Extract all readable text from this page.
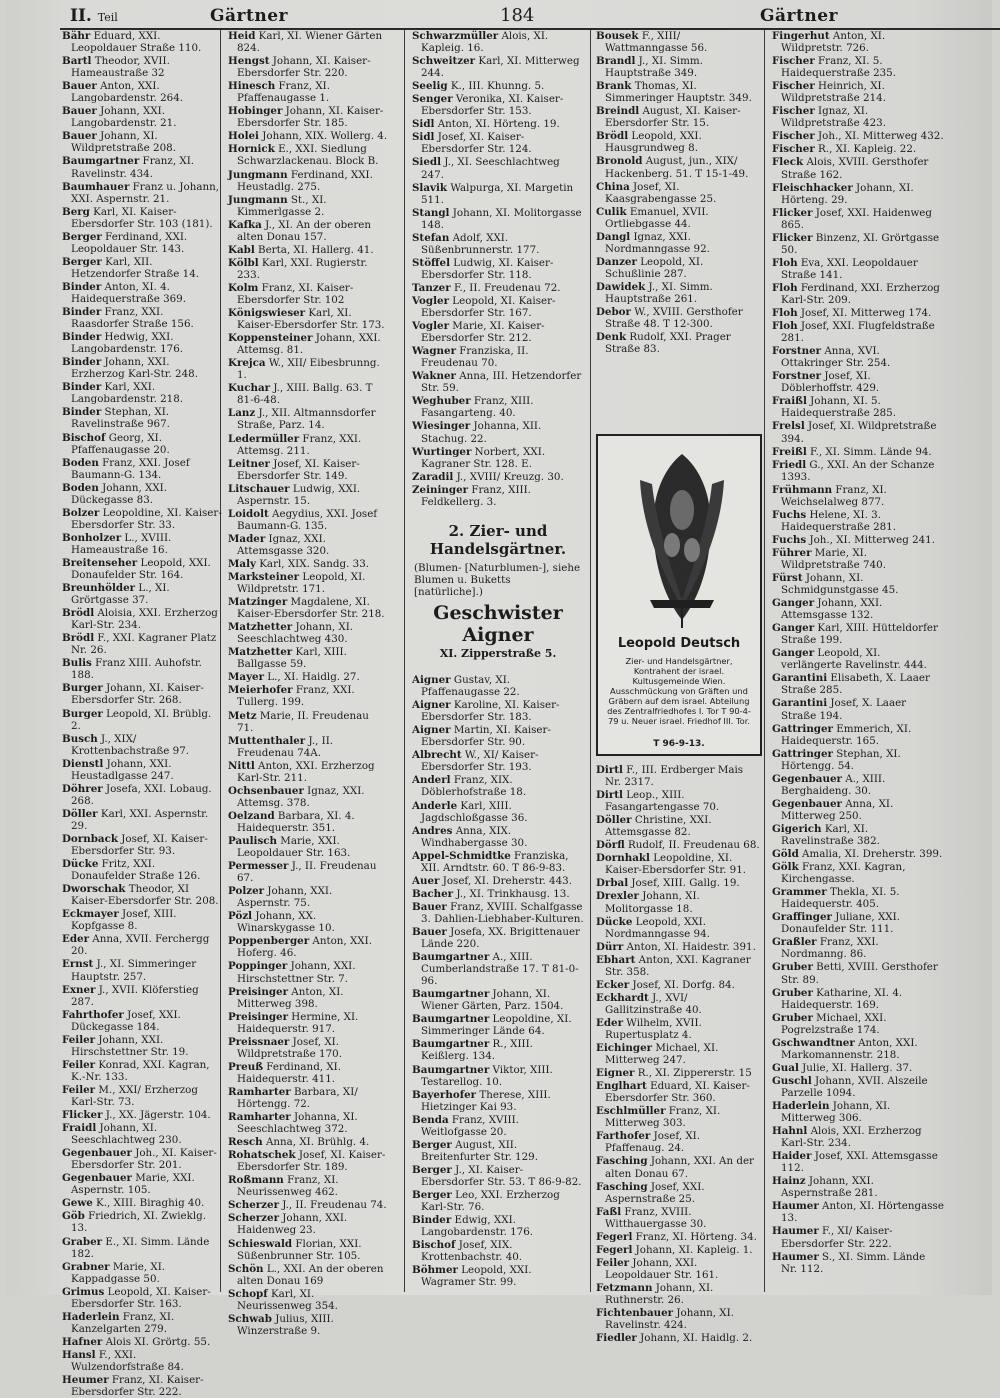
II. Teil	Gärtner	184	Gärtner
Bähr Eduard, XXI. Leopoldauer Straße 110.
Bartl Theodor, XVII. Hameaustraße 32
Bauer Anton, XXI. Langobardenstr. 264.
Bauer Johann, XXI. Langobardenstr. 21.
Bauer Johann, XI. Wildpretstraße 208.
Baumgartner Franz, XI. Ravelinstr. 434.
Baumhauer Franz u. Johann, XXI. Aspernstr. 21.
Berg Karl, XI. Kaiser-Ebersdorfer Str. 103 (181).
Berger Ferdinand, XXI. Leopoldauer Str. 143.
Berger Karl, XII. Hetzendorfer Straße 14.
Binder Anton, XI. 4. Haidequerstraße 369.
Binder Franz, XXI. Raasdorfer Straße 156.
Binder Hedwig, XXI. Langobardenstr. 176.
Binder Johann, XXI. Erzherzog Karl-Str. 248.
Binder Karl, XXI. Langobardenstr. 218.
Binder Stephan, XI. Ravelinstraße 967.
Bischof Georg, XI. Pfaffenaugasse 20.
Boden Franz, XXI. Josef Baumann-G. 134.
Boden Johann, XXI. Dückegasse 83.
Bolzer Leopoldine, XI. Kaiser-Ebersdorfer Str. 33.
Bonholzer L., XVIII. Hameaustraße 16.
Breitenseher Leopold, XXI. Donaufelder Str. 164.
Breunhölder L., XI. Grörtgasse 37.
Brödl Aloisia, XXI. Erzherzog Karl-Str. 234.
Brödl F., XXI. Kagraner Platz Nr. 26.
Bulis Franz XIII. Auhofstr. 188.
Burger Johann, XI. Kaiser-Ebersdorfer Str. 268.
Burger Leopold, XI. Brüblg. 2.
Busch J., XIX/ Krottenbachstraße 97.
Dienstl Johann, XXI. Heustadlgasse 247.
Döhrer Josefa, XXI. Lobaug. 268.
Döller Karl, XXI. Aspernstr. 29.
Dornback Josef, XI. Kaiser-Ebersdorfer Str. 93.
Dücke Fritz, XXI. Donaufelder Straße 126.
Dworschak Theodor, XI Kaiser-Ebersdorfer Str. 208.
Eckmayer Josef, XIII. Kopfgasse 8.
Eder Anna, XVII. Ferchergg 20.
Ernst J., XI. Simmeringer Hauptstr. 257.
Exner J., XVII. Klöferstieg 287.
Fahrthofer Josef, XXI. Dückegasse 184.
Feiler Johann, XXI. Hirschstettner Str. 19.
Feiler Konrad, XXI. Kagran, K.-Nr. 133.
Feiler M., XXI/ Erzherzog Karl-Str. 73.
Flicker J., XX. Jägerstr. 104.
Fraidl Johann, XI. Seeschlachtweg 230.
Gegenbauer Joh., XI. Kaiser-Ebersdorfer Str. 201.
Gegenbauer Marie, XXI. Aspernstr. 105.
Gewe K., XIII. Biraghig 40.
Göb Friedrich, XI. Zwieklg. 13.
Graber E., XI. Simm. Lände 182.
Grabner Marie, XI. Kappadgasse 50.
Grimus Leopold, XI. Kaiser-Ebersdorfer Str. 163.
Haderlein Franz, XI. Kanzelgarten 279.
Hafner Alois XI. Grörtg. 55.
Hansl F., XXI. Wulzendorfstraße 84.
Heumer Franz, XI. Kaiser-Ebersdorfer Str. 222.
Heid Karl, XI. Wiener Gärten 824.
Hengst Johann, XI. Kaiser-Ebersdorfer Str. 220.
Hinesch Franz, XI. Pfaffenaugasse 1.
Hobinger Johann, XI. Kaiser-Ebersdorfer Str. 185.
Holei Johann, XIX. Wollerg. 4.
Hornick E., XXI. Siedlung Schwarzlackenau. Block B.
Jungmann Ferdinand, XXI. Heustadlg. 275.
Jungmann St., XI. Kimmerlgasse 2.
Kafka J., XI. An der oberen alten Donau 157.
Kabl Berta, XI. Hallerg. 41.
Kölbl Karl, XXI. Rugierstr. 233.
Kolm Franz, XI. Kaiser-Ebersdorfer Str. 102
Königswieser Karl, XI. Kaiser-Ebersdorfer Str. 173.
Koppensteiner Johann, XXI. Attemsg. 81.
Krejca W., XII/ Eibesbrunng. 1.
Kuchar J., XIII. Ballg. 63. T 81-6-48.
Lanz J., XII. Altmannsdorfer Straße, Parz. 14.
Ledermüller Franz, XXI. Attemsg. 211.
Leitner Josef, XI. Kaiser-Ebersdorfer Str. 149.
Litschauer Ludwig, XXI. Aspernstr. 15.
Loidolt Aegydius, XXI. Josef Baumann-G. 135.
Mader Ignaz, XXI. Attemsgasse 320.
Maly Karl, XIX. Sandg. 33.
Marksteiner Leopold, XI. Wildpretstr. 171.
Matzinger Magdalene, XI. Kaiser-Ebersdorfer Str. 218.
Matzhetter Johann, XI. Seeschlachtweg 430.
Matzhetter Karl, XIII. Ballgasse 59.
Mayer L., XI. Haidlg. 27.
Meierhofer Franz, XXI. Tullerg. 199.
Metz Marie, II. Freudenau 71.
Muttenthaler J., II. Freudenau 74A.
Nittl Anton, XXI. Erzherzog Karl-Str. 211.
Ochsenbauer Ignaz, XXI. Attemsg. 378.
Oelzand Barbara, XI. 4. Haidequerstr. 351.
Paulisch Marie, XXI. Leopoldauer Str. 163.
Permesser J., II. Freudenau 67.
Polzer Johann, XXI. Aspernstr. 75.
Pözl Johann, XX. Winarskygasse 10.
Poppenberger Anton, XXI. Hoferg. 46.
Poppinger Johann, XXI. Hirschstettner Str. 7.
Preisinger Anton, XI. Mitterweg 398.
Preisinger Hermine, XI. Haidequerstr. 917.
Preissnaer Josef, XI. Wildpretstraße 170.
Preuß Ferdinand, XI. Haidequerstr. 411.
Ramharter Barbara, XI/ Hörtengg. 72.
Ramharter Johanna, XI. Seeschlachtweg 372.
Resch Anna, XI. Brühlg. 4.
Rohatschek Josef, XI. Kaiser-Ebersdorfer Str. 189.
Roßmann Franz, XI. Neurissenweg 462.
Scherzer J., II. Freudenau 74.
Scherzer Johann, XXI. Haidenweg 23.
Schieswald Florian, XXI. Süßenbrunner Str. 105.
Schön L., XXI. An der oberen alten Donau 169
Schopf Karl, XI. Neurissenweg 354.
Schwab Julius, XIII. Winzerstraße 9.
Schwarzmüller Alois, XI. Kapleig. 16.
Schweitzer Karl, XI. Mitterweg 244.
Seelig K., III. Khunng. 5.
Senger Veronika, XI. Kaiser-Ebersdorfer Str. 153.
Sidl Anton, XI. Hörteng. 19.
Sidl Josef, XI. Kaiser-Ebersdorfer Str. 124.
Siedl J., XI. Seeschlachtweg 247.
Slavik Walpurga, XI. Margetin 511.
Stangl Johann, XI. Molitorgasse 148.
Stefan Adolf, XXI. Süßenbrunnerstr. 177.
Stöffel Ludwig, XI. Kaiser-Ebersdorfer Str. 118.
Tanzer F., II. Freudenau 72.
Vogler Leopold, XI. Kaiser-Ebersdorfer Str. 167.
Vogler Marie, XI. Kaiser-Ebersdorfer Str. 212.
Wagner Franziska, II. Freudenau 70.
Wakner Anna, III. Hetzendorfer Str. 59.
Weghuber Franz, XIII. Fasangarteng. 40.
Wiesinger Johanna, XII. Stachug. 22.
Wurtinger Norbert, XXI. Kagraner Str. 128. E.
Zaradil J., XVIII/ Kreuzg. 30.
Zeininger Franz, XIII. Feldkellerg. 3.
2. Zier- und Handelsgärtner.
(Blumen- [Naturblumen-], siehe Blumen u. Buketts [natürliche].)
Geschwister Aigner
XI. Zipperstraße 5.
Aigner Gustav, XI. Pfaffenaugasse 22.
Aigner Karoline, XI. Kaiser-Ebersdorfer Str. 183.
Aigner Martin, XI. Kaiser-Ebersdorfer Str. 90.
Albrecht W., XI/ Kaiser-Ebersdorfer Str. 193.
Anderl Franz, XIX. Döblerhofstraße 18.
Anderle Karl, XIII. Jagdschloßgasse 36.
Andres Anna, XIX. Windhabergasse 30.
Appel-Schmidtke Franziska, XII. Arndtstr. 60. T 86-9-83.
Auer Josef, XI. Dreherstr. 443.
Bacher J., XI. Trinkhausg. 13.
Bauer Franz, XVIII. Schalfgasse 3. Dahlien-Liebhaber-Kulturen.
Bauer Josefa, XX. Brigittenauer Lände 220.
Baumgartner A., XIII. Cumberlandstraße 17. T 81-0-96.
Baumgartner Johann, XI. Wiener Gärten, Parz. 1504.
Baumgartner Leopoldine, XI. Simmeringer Lände 64.
Baumgartner R., XIII. Keißlerg. 134.
Baumgartner Viktor, XIII. Testarellog. 10.
Bayerhofer Therese, XIII. Hietzinger Kai 93.
Benda Franz, XVIII. Weitlofgasse 20.
Berger August, XII. Breitenfurter Str. 129.
Berger J., XI. Kaiser-Ebersdorfer Str. 53. T 86-9-82.
Berger Leo, XXI. Erzherzog Karl-Str. 76.
Binder Edwig, XXI. Langobardenstr. 176.
Bischof Josef, XIX. Krottenbachstr. 40.
Böhmer Leopold, XXI. Wagramer Str. 99.
Bousek F., XIII/ Wattmanngasse 56.
Brandl J., XI. Simm. Hauptstraße 349.
Brank Thomas, XI. Simmeringer Hauptstr. 349.
Breindl August, XI. Kaiser-Ebersdorfer Str. 15.
Brödl Leopold, XXI. Hausgrundweg 8.
Bronold August, jun., XIX/ Hackenberg. 51. T 15-1-49.
China Josef, XI. Kaasgrabengasse 25.
Culik Emanuel, XVII. Ortliebgasse 44.
Dangl Ignaz, XXI. Nordmanngasse 92.
Danzer Leopold, XI. Schußlinie 287.
Dawidek J., XI. Simm. Hauptstraße 261.
Debor W., XVIII. Gersthofer Straße 48. T 12-300.
Denk Rudolf, XXI. Prager Straße 83.
Leopold Deutsch
Zier- und Handelsgärtner, Kontrahent der israel. Kultusgemeinde Wien. Ausschmückung von Gräften und Gräbern auf dem israel. Abteilung des Zentralfriedhofes I. Tor T 90-4-79 u. Neuer israel. Friedhof III. Tor.
T 96-9-13.
Dirtl F., III. Erdberger Mais Nr. 2317.
Dirtl Leop., XIII. Fasangartengasse 70.
Döller Christine, XXI. Attemsgasse 82.
Dörfl Rudolf, II. Freudenau 68.
Dornhakl Leopoldine, XI. Kaiser-Ebersdorfer Str. 91.
Drbal Josef, XIII. Gallg. 19.
Drexler Johann, XI. Molitorgasse 18.
Dücke Leopold, XXI. Nordmanngasse 94.
Dürr Anton, XI. Haidestr. 391.
Ebhart Anton, XXI. Kagraner Str. 358.
Ecker Josef, XI. Dorfg. 84.
Eckhardt J., XVI/ Gallitzinstraße 40.
Eder Wilhelm, XVII. Rupertusplatz 4.
Eichinger Michael, XI. Mitterweg 247.
Eigner R., XI. Zippererstr. 15
Englhart Eduard, XI. Kaiser-Ebersdorfer Str. 360.
Eschlmüller Franz, XI. Mitterweg 303.
Farthofer Josef, XI. Pfaffenaug. 24.
Fasching Johann, XXI. An der alten Donau 67.
Fasching Josef, XXI. Aspernstraße 25.
Faßl Franz, XVIII. Witthauergasse 30.
Fegerl Franz, XI. Hörteng. 34.
Fegerl Johann, XI. Kapleig. 1.
Feiler Johann, XXI. Leopoldauer Str. 161.
Fetzmann Johann, XI. Ruthnerstr. 26.
Fichtenbauer Johann, XI. Ravelinstr. 424.
Fiedler Johann, XI. Haidlg. 2.
Fingerhut Anton, XI. Wildpretstr. 726.
Fischer Franz, XI. 5. Haidequerstraße 235.
Fischer Heinrich, XI. Wildpretstraße 214.
Fischer Ignaz, XI. Wildpretstraße 423.
Fischer Joh., XI. Mitterweg 432.
Fischer R., XI. Kapleig. 22.
Fleck Alois, XVIII. Gersthofer Straße 162.
Fleischhacker Johann, XI. Hörteng. 29.
Flicker Josef, XXI. Haidenweg 865.
Flicker Binzenz, XI. Grörtgasse 50.
Floh Eva, XXI. Leopoldauer Straße 141.
Floh Ferdinand, XXI. Erzherzog Karl-Str. 209.
Floh Josef, XI. Mitterweg 174.
Floh Josef, XXI. Flugfeldstraße 281.
Forstner Anna, XVI. Ottakringer Str. 254.
Forstner Josef, XI. Döblerhoffstr. 429.
Fraißl Johann, XI. 5. Haidequerstraße 285.
Frelsl Josef, XI. Wildpretstraße 394.
Freißl F., XI. Simm. Lände 94.
Friedl G., XXI. An der Schanze 1393.
Frühmann Franz, XI. Weichselalweg 877.
Fuchs Helene, XI. 3. Haidequerstraße 281.
Fuchs Joh., XI. Mitterweg 241.
Führer Marie, XI. Wildpretstraße 740.
Fürst Johann, XI. Schmidgunstgasse 45.
Ganger Johann, XXI. Attemsgasse 132.
Ganger Karl, XIII. Hütteldorfer Straße 199.
Ganger Leopold, XI. verlängerte Ravelinstr. 444.
Garantini Elisabeth, X. Laaer Straße 285.
Garantini Josef, X. Laaer Straße 194.
Gattringer Emmerich, XI. Haidequerstr. 165.
Gattringer Stephan, XI. Hörtengg. 54.
Gegenbauer A., XIII. Berghaideng. 30.
Gegenbauer Anna, XI. Mitterweg 250.
Gigerich Karl, XI. Ravelinstraße 382.
Göld Amalia, XI. Dreherstr. 399.
Gölk Franz, XXI. Kagran, Kirchengasse.
Grammer Thekla, XI. 5. Haidequerstr. 405.
Graffinger Juliane, XXI. Donaufelder Str. 111.
Graßler Franz, XXI. Nordmanng. 86.
Gruber Betti, XVIII. Gersthofer Str. 89.
Gruber Katharine, XI. 4. Haidequerstr. 169.
Gruber Michael, XXI. Pogrelzstraße 174.
Gschwandtner Anton, XXI. Markomannenstr. 218.
Gual Julie, XI. Hallerg. 37.
Guschl Johann, XVII. Alszeile Parzelle 1094.
Haderlein Johann, XI. Mitterweg 306.
Hahnl Alois, XXI. Erzherzog Karl-Str. 234.
Haider Josef, XXI. Attemsgasse 112.
Hainz Johann, XXI. Aspernstraße 281.
Haumer Anton, XI. Hörtengasse 13.
Haumer F., XI/ Kaiser-Ebersdorfer Str. 222.
Haumer S., XI. Simm. Lände Nr. 112.
